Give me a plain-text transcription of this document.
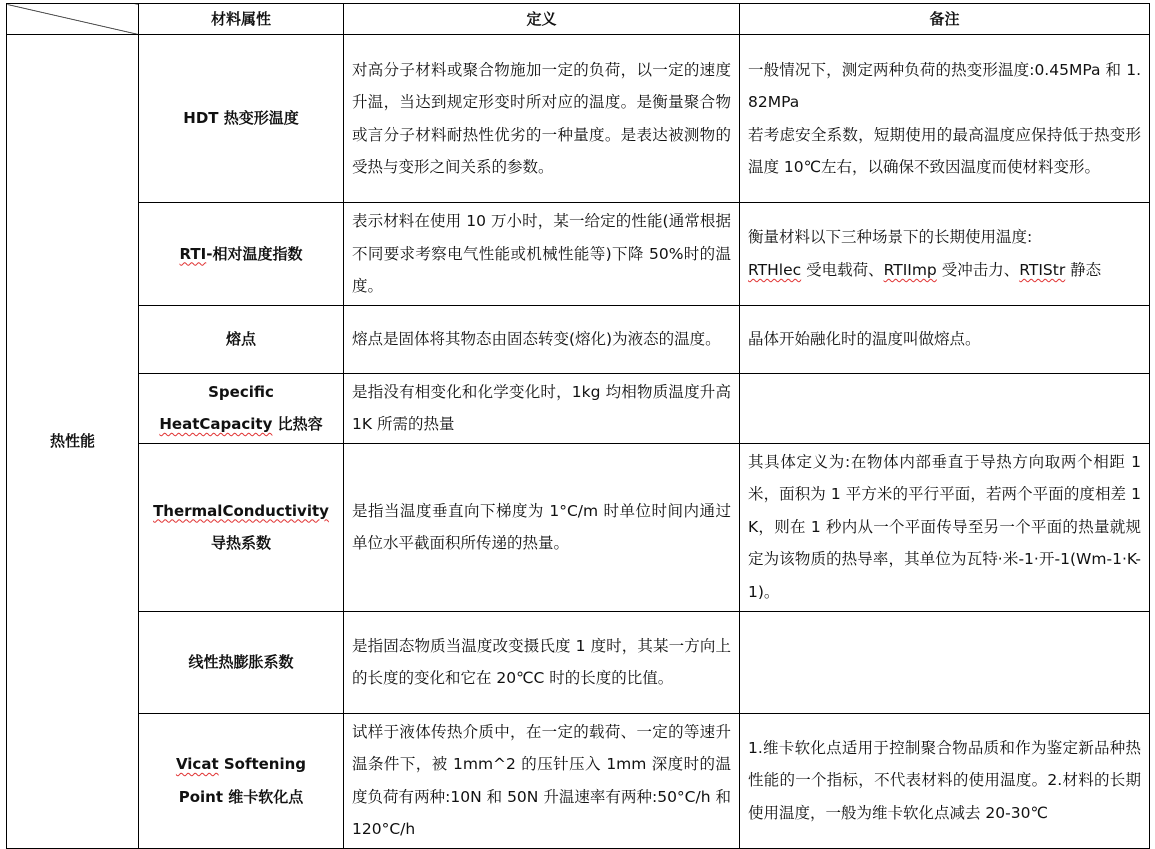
	材料属性	定义	备注
热性能	HDT 热变形温度	对高分子材料或聚合物施加一定的负荷，以一定的速度升温，当达到规定形变时所对应的温度。是衡量聚合物或言分子材料耐热性优劣的一种量度。是表达被测物的受热与变形之间关系的参数。	一般情况下，测定两种负荷的热变形温度:0.45MPa 和 1.82MPa
若考虑安全系数，短期使用的最高温度应保持低于热变形温度 10℃左右，以确保不致因温度而使材料变形。

	RTI-相对温度指数	表示材料在使用 10 万小时，某一给定的性能(通常根据不同要求考察电气性能或机械性能等)下降 50%时的温度。	衡量材料以下三种场景下的长期使用温度:
RTHlec 受电载荷、RTIImp 受冲击力、RTIStr 静态

	熔点	熔点是固体将其物态由固态转变(熔化)为液态的温度。	晶体开始融化时的温度叫做熔点。

	Specific
HeatCapacity 比热容	是指没有相变化和化学变化时，1kg 均相物质温度升高 1K 所需的热量	
	ThermalConductivity
导热系数	是指当温度垂直向下梯度为 1°C/m 时单位时间内通过单位水平截面积所传递的热量。	其具体定义为:在物体内部垂直于导热方向取两个相距 1 米，面积为 1 平方米的平行平面，若两个平面的度相差 1K，则在 1 秒内从一个平面传导至另一个平面的热量就规定为该物质的热导率，其单位为瓦特·米-1·开-1(Wm-1·K-1)。
	线性热膨胀系数	是指固态物质当温度改变摄氏度 1 度时，其某一方向上的长度的变化和它在 20℃C 时的长度的比值。	

	Vicat Softening
Point 维卡软化点	试样于液体传热介质中，在一定的载荷、一定的等速升温条件下，被 1mm^2 的压针压入 1mm 深度时的温度负荷有两种:10N 和 50N 升温速率有两种:50°C/h 和 120°C/h	1.维卡软化点适用于控制聚合物品质和作为鉴定新品种热性能的一个指标，不代表材料的使用温度。2.材料的长期使用温度，一般为维卡软化点减去 20-30℃
